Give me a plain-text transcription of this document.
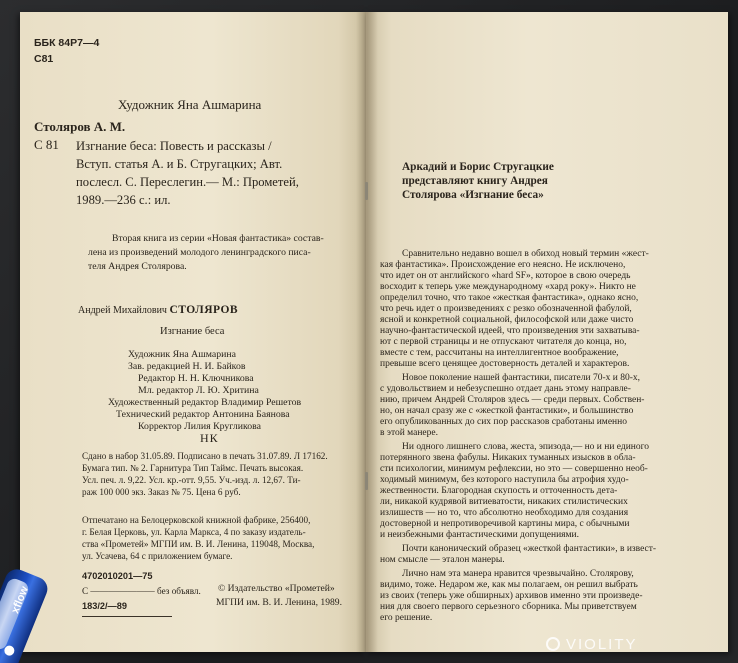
ББК 84Р7—4
С81
Художник Яна Ашмарина
Столяров А. М.
С 81 Изгнание беса: Повесть и рассказы /
Вступ. статья А. и Б. Стругацких; Авт.
послесл. С. Переслегин.— М.: Прометей,
1989.—236 с.: ил.
Вторая книга из серии «Новая фантастика» состав-
лена из произведений молодого ленинградского писа-
теля Андрея Столярова.
Андрей Михайлович СТОЛЯРОВ
Изгнание беса
Художник Яна Ашмарина
Зав. редакцией Н. И. Байков
Редактор Н. Н. Ключникова
Мл. редактор Л. Ю. Хритина
Художественный редактор Владимир Решетов
Технический редактор Антонина Баянова
Корректор Лилия Кругликова
НК
Сдано в набор 31.05.89. Подписано в печать 31.07.89. Л 17162.
Бумага тип. № 2. Гарнитура Тип Таймс. Печать высокая.
Усл. печ. л. 9,22. Усл. кр.-отт. 9,55. Уч.-изд. л. 12,67. Ти-
раж 100 000 экз. Заказ № 75. Цена 6 руб.
Отпечатано на Белоцерковской книжной фабрике, 256400,
г. Белая Церковь, ул. Карла Маркса, 4 по заказу издатель-
ства «Прометей» МГПИ им. В. И. Ленина, 119048, Москва,
ул. Усачева, 64 с приложением бумаге.
4702010201—75
С ——————— без объявл.
183/2/—89
© Издательство «Прометей»
МГПИ им. В. И. Ленина, 1989.
Аркадий и Борис Стругацкие
представляют книгу Андрея
Столярова «Изгнание беса»
Сравнительно недавно вошел в обиход новый термин «жест-
кая фантастика». Происхождение его неясно. Не исключено,
что идет он от английского «hard SF», которое в свою очередь
восходит к теперь уже международному «хард року». Никто не
определил точно, что такое «жесткая фантастика», однако ясно,
что речь идет о произведениях с резко обозначенной фабулой,
ясной и конкретной социальной, философской или даже чисто
научно-фантастической идеей, что произведения эти захватыва-
ют с первой страницы и не отпускают читателя до конца, но,
вместе с тем, рассчитаны на интеллигентное воображение,
превыше всего ценящее достоверность деталей и характеров.
Новое поколение нашей фантастики, писатели 70-х и 80-х,
с удовольствием и небезуспешно отдает дань этому направле-
нию, причем Андрей Столяров здесь — среди первых. Собствен-
но, он начал сразу же с «жесткой фантастики», и большинство
его опубликованных до сих пор рассказов сработаны именно
в этой манере.
Ни одного лишнего слова, жеста, эпизода,— но и ни единого
потерянного звена фабулы. Никаких туманных изысков в обла-
сти психологии, минимум рефлексии, но это — совершенно необ-
ходимый минимум, без которого наступила бы атрофия худо-
жественности. Благородная скупость и отточенность дета-
ли, никакой кудрявой витиеватости, никаких стилистических
излишеств — но то, что абсолютно необходимо для создания
достоверной и непротиворечивой картины мира, с обычными
и неизбежными фантастическими допущениями.
Почти канонический образец «жесткой фантастики», в извест-
ном смысле — эталон манеры.
Лично нам эта манера нравится чрезвычайно. Столярову,
видимо, тоже. Недаром же, как мы полагаем, он решил выбрать
из своих (теперь уже обширных) архивов именно эти произведе-
ния для своего первого серьезного сборника. Мы приветствуем
его решение.
xflow
VIOLITY
